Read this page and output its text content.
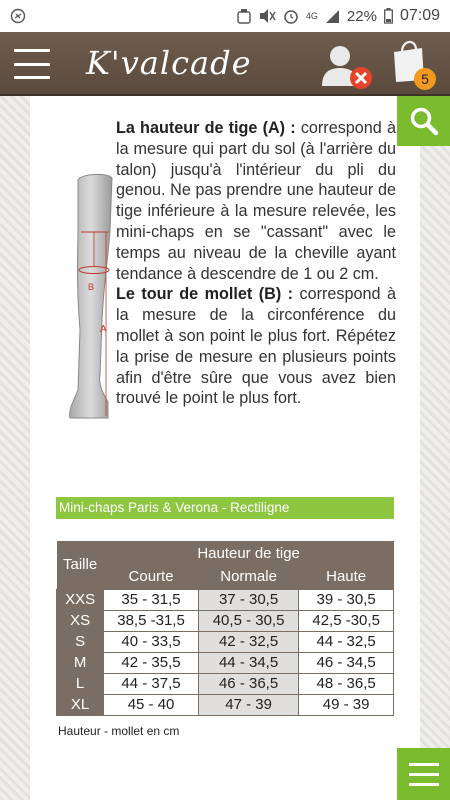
4G 22% 07:09
K'valcade	5
B
A
La hauteur de tige (A) : correspond à la mesure qui part du sol (à l'arrière du talon) jusqu'à l'intérieur du pli du genou. Ne pas prendre une hauteur de tige inférieure à la mesure relevée, les mini-chaps en se "cassant" avec le temps au niveau de la cheville ayant tendance à descendre de 1 ou 2 cm.
Le tour de mollet (B) : correspond à la mesure de la circonférence du mollet à son point le plus fort. Répétez la prise de mesure en plusieurs points afin d'être sûre que vous avez bien trouvé le point le plus fort.
Mini-chaps Paris & Verona - Rectiligne
Taille	Hauteur de tige		
	Courte	Normale	Haute
XXS	35 - 31,5	37 - 30,5	39 - 30,5
XS	38,5 -31,5	40,5 - 30,5	42,5 -30,5
S	40 - 33,5	42 - 32,5	44 - 32,5
M	42 - 35,5	44 - 34,5	46 - 34,5
L	44 - 37,5	46 - 36,5	48 - 36,5
XL	45 - 40	47 - 39	49 - 39
Hauteur - mollet en cm
